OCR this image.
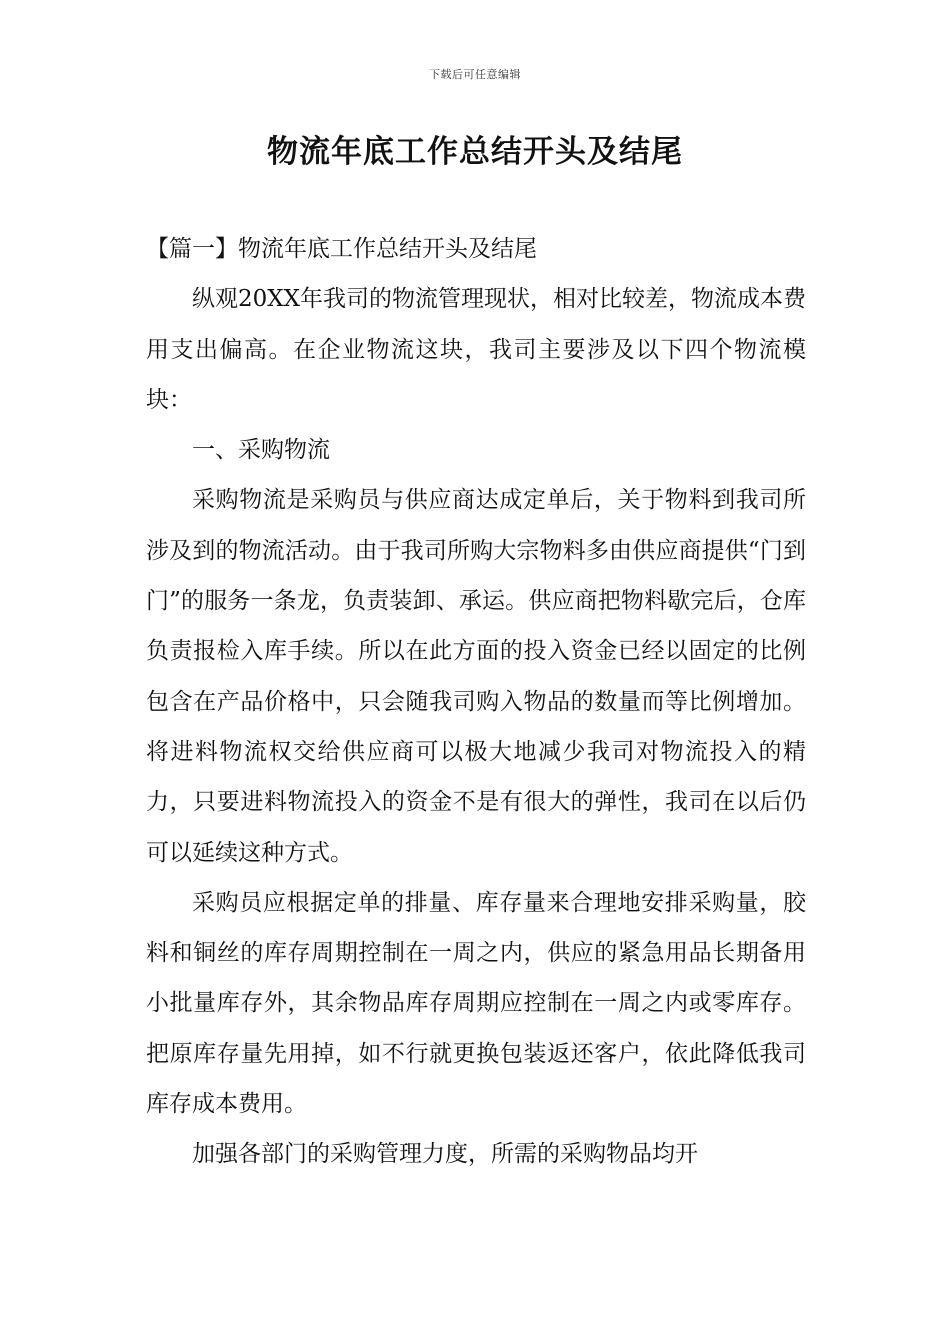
下载后可任意编辑
物流年底工作总结开头及结尾

【篇一】物流年底工作总结开头及结尾

纵观20XX年我司的物流管理现状，相对比较差，物流成本费用支出偏高。在企业物流这块，我司主要涉及以下四个物流模块：

一、采购物流

采购物流是采购员与供应商达成定单后，关于物料到我司所涉及到的物流活动。由于我司所购大宗物料多由供应商提供“门到门”的服务一条龙，负责装卸、承运。供应商把物料歇完后，仓库负责报检入库手续。所以在此方面的投入资金已经以固定的比例包含在产品价格中，只会随我司购入物品的数量而等比例增加。将进料物流权交给供应商可以极大地减少我司对物流投入的精力，只要进料物流投入的资金不是有很大的弹性，我司在以后仍可以延续这种方式。

采购员应根据定单的排量、库存量来合理地安排采购量，胶料和铜丝的库存周期控制在一周之内，供应的紧急用品长期备用小批量库存外，其余物品库存周期应控制在一周之内或零库存。把原库存量先用掉，如不行就更换包装返还客户，依此降低我司库存成本费用。

加强各部门的采购管理力度，所需的采购物品均开
